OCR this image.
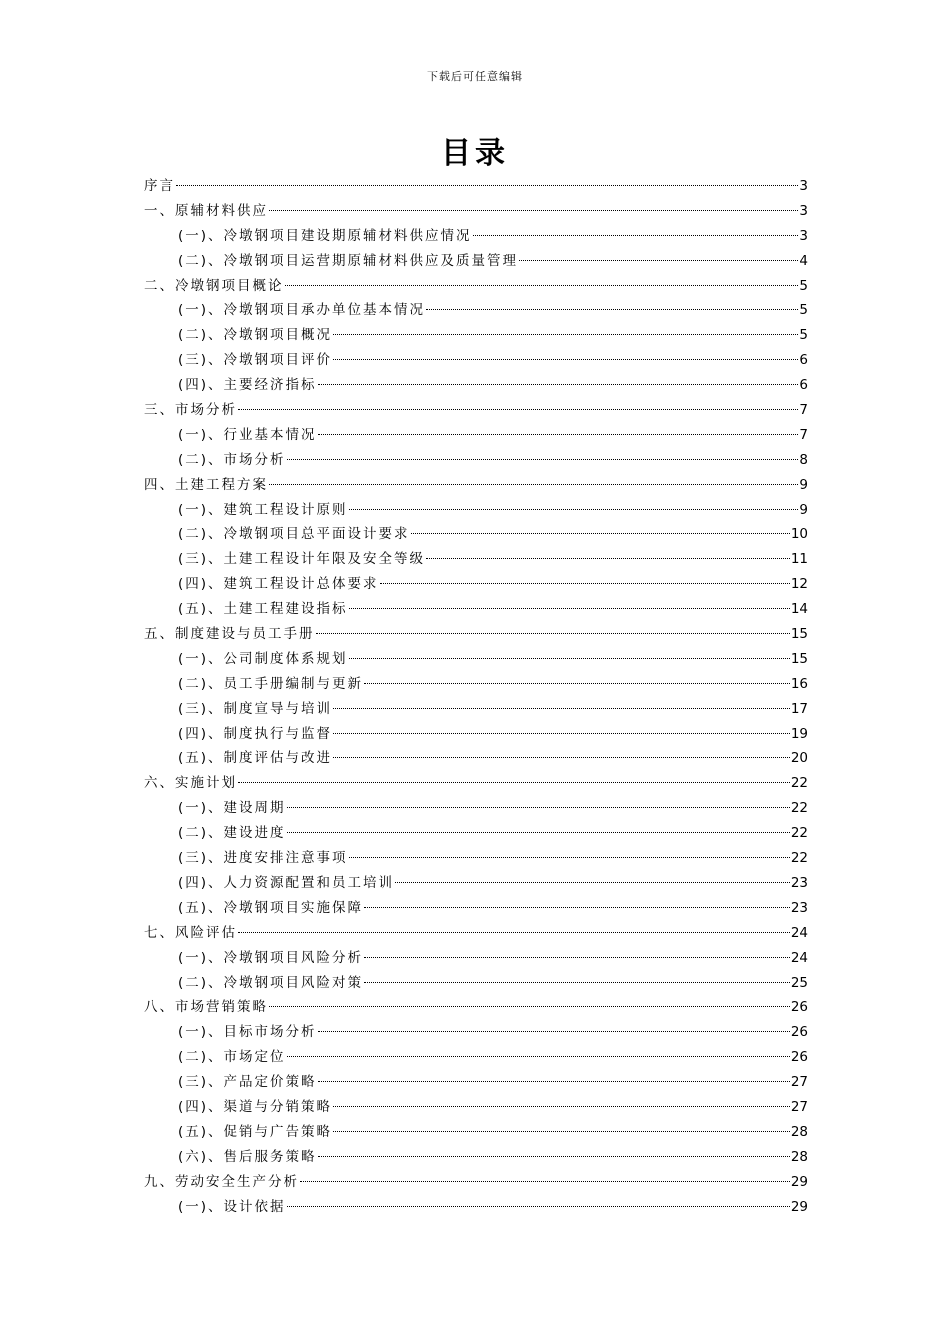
下载后可任意编辑
目录
序言	3
一、原辅材料供应	3
(一)、冷墩钢项目建设期原辅材料供应情况	3
(二)、冷墩钢项目运营期原辅材料供应及质量管理	4
二、冷墩钢项目概论	5
(一)、冷墩钢项目承办单位基本情况	5
(二)、冷墩钢项目概况	5
(三)、冷墩钢项目评价	6
(四)、主要经济指标	6
三、市场分析	7
(一)、行业基本情况	7
(二)、市场分析	8
四、土建工程方案	9
(一)、建筑工程设计原则	9
(二)、冷墩钢项目总平面设计要求	10
(三)、土建工程设计年限及安全等级	11
(四)、建筑工程设计总体要求	12
(五)、土建工程建设指标	14
五、制度建设与员工手册	15
(一)、公司制度体系规划	15
(二)、员工手册编制与更新	16
(三)、制度宣导与培训	17
(四)、制度执行与监督	19
(五)、制度评估与改进	20
六、实施计划	22
(一)、建设周期	22
(二)、建设进度	22
(三)、进度安排注意事项	22
(四)、人力资源配置和员工培训	23
(五)、冷墩钢项目实施保障	23
七、风险评估	24
(一)、冷墩钢项目风险分析	24
(二)、冷墩钢项目风险对策	25
八、市场营销策略	26
(一)、目标市场分析	26
(二)、市场定位	26
(三)、产品定价策略	27
(四)、渠道与分销策略	27
(五)、促销与广告策略	28
(六)、售后服务策略	28
九、劳动安全生产分析	29
(一)、设计依据	29
